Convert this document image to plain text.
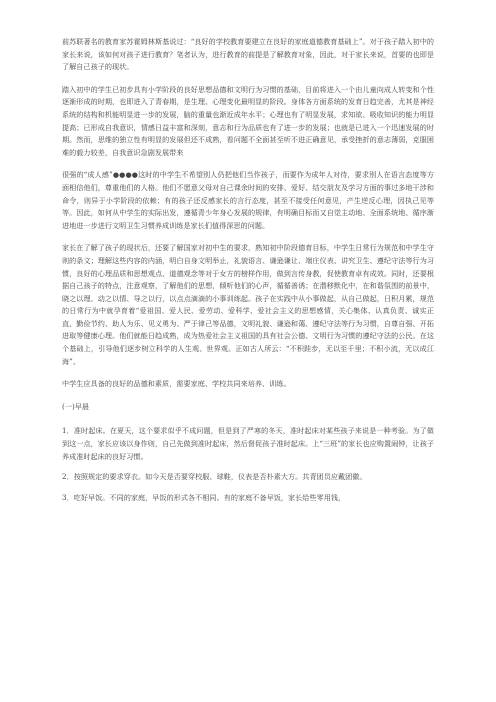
前苏联著名的教育家苏霍姆林斯基说过：“良好的学校教育要建立在良好的家庭道德教育基础上”。对于孩子踏入初中的家长来说，该如何对孩子进行教育？笔者认为，进行教育的前提是了解教育对象，因此，对于家长来说，首要的也即是了解自己孩子的现状。

踏入初中的学生已初步具有小学阶段的良好思想品德和文明行为习惯的基础，目前将进入一个由儿童向成人转变和个性逐渐形成的时期，也即进入了青春期，是生理、心理变化最明显的阶段。身体各方面系统的发育日趋完善，尤其是神经系统的结构和机能明显进一步的发展，脑的重量也渐近成年水平；心理也有了明显发展，求知欲、吸收知识的能力明显提高；已形成自我意识，情感日益丰富和深刻，意志和行为品质也有了进一步的发展；也就是已进入一个迅速发展的时期。然而，思维的独立性有明显的发展但还不成熟，看问题不全面甚至听不进正确意见，承受挫折的意志薄弱，克服困难的毅力较差，自我意识急剧发展带来

很强的“成人感”●●●●这时的中学生不希望别人仍把他们当作孩子，而要作为成年人对待，要求别人在语言态度等方面相信他们，尊重他们的人格。他们不愿意父母对自己课余时间的安排、爱好、结交朋友及学习方面的事过多地干涉和命令，则异于小学阶段的依赖；有的孩子还反感家长的言行态度，甚至不接受任何意见，产生逆反心理，因执己见等等。因此，如何从中学生的实际出发，遵循青少年身心发展的规律，有明确目标而又自觉主动地、全面系统地、循序渐进地进一步进行文明卫生习惯养成训练是家长们值得深思的问题。

家长在了解了孩子的现状后，还要了解国家对初中生的要求，熟知初中阶段德育目标，中学生日常行为规范和中学生守则的条文；理解这些内容的内涵，明白自身文明举止，礼貌语言、谦逊谦让、端庄仪表、讲究卫生、遵纪守法等行为习惯，良好的心理品质和思想观点、道德观念等对于女方的榜样作用，做到言传身教，促使教育卓有成效。同时，还要根据自己孩子的特点，注意观察，了解他们的思想，倾听他们的心声，循循善诱；在潜移默化中，在和谐氛围的前景中，晓之以理、动之以情、导之以行，以点点滴滴的小事训练起。孩子在实践中从小事做起，从自己做起，日积月累，规范的日常行为中就孕育着“爱祖国、爱人民、爱劳动、爱科学、爱社会主义的思想感情，关心集体、认真负责、诚实正直、勤俭节约、助人为乐、见义勇为、严于律己等品德，文明礼貌、谦逊和蔼、遵纪守法等行为习惯，自尊自强、开拓进取等健康心理。他们就能日趋成熟，成为热爱社会主义祖国的具有社会公德、文明行为习惯的遵纪守法的公民。在这个基础上，引导他们逐步树立科学的人生观、世界观。正如古人所云：“不积跬步，无以至千里；不积小流，无以成江海”。

中学生应具备的良好的品德和素质，需要家庭、学校共同来培养、训练。

(一)早晨

1．准时起床。在夏天，这个要求似乎不成问题，但是到了严寒的冬天，准时起床对某些孩子来说是一种考验。为了做到这一点，家长应该以身作则，自己先做到准时起床，然后督促孩子准时起床。上“三班”的家长也应购置闹钟，让孩子养成准时起床的良好习惯。

2．按照规定的要求穿衣。如今天是否要穿校服、球鞋，仪表是否朴素大方。共青团员应戴团徽。

3．吃好早饭。不同的家庭，早饭的形式各不相同。有的家庭不备早饭，家长给些零用钱，
